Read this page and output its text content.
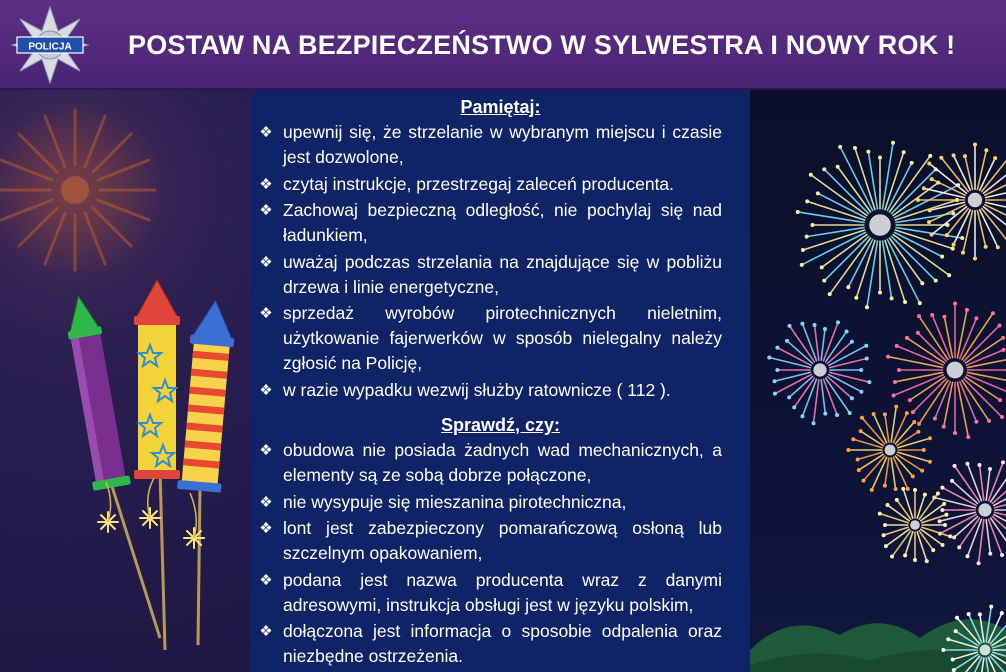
POLICJA POSTAW NA BEZPIECZEŃSTWO W SYLWESTRA I NOWY ROK !
Pamiętaj:
❖ upewnij się, że strzelanie w wybranym miejscu i czasie jest dozwolone,
❖ czytaj instrukcje, przestrzegaj zaleceń producenta.
❖ Zachowaj bezpieczną odległość, nie pochylaj się nad ładunkiem,
❖ uważaj podczas strzelania na znajdujące się w pobliżu drzewa i linie energetyczne,
❖ sprzedaż wyrobów pirotechnicznych nieletnim, użytkowanie fajerwerków w sposób nielegalny należy zgłosić na Policję,
❖ w razie wypadku wezwij służby ratownicze ( 112 ).
Sprawdź, czy:
❖ obudowa nie posiada żadnych wad mechanicznych, a elementy są ze sobą dobrze połączone,
❖ nie wysypuje się mieszanina pirotechniczna,
❖ lont jest zabezpieczony pomarańczową osłoną lub szczelnym opakowaniem,
❖ podana jest nazwa producenta wraz z danymi adresowymi, instrukcja obsługi jest w języku polskim,
❖ dołączona jest informacja o sposobie odpalenia oraz niezbędne ostrzeżenia.
